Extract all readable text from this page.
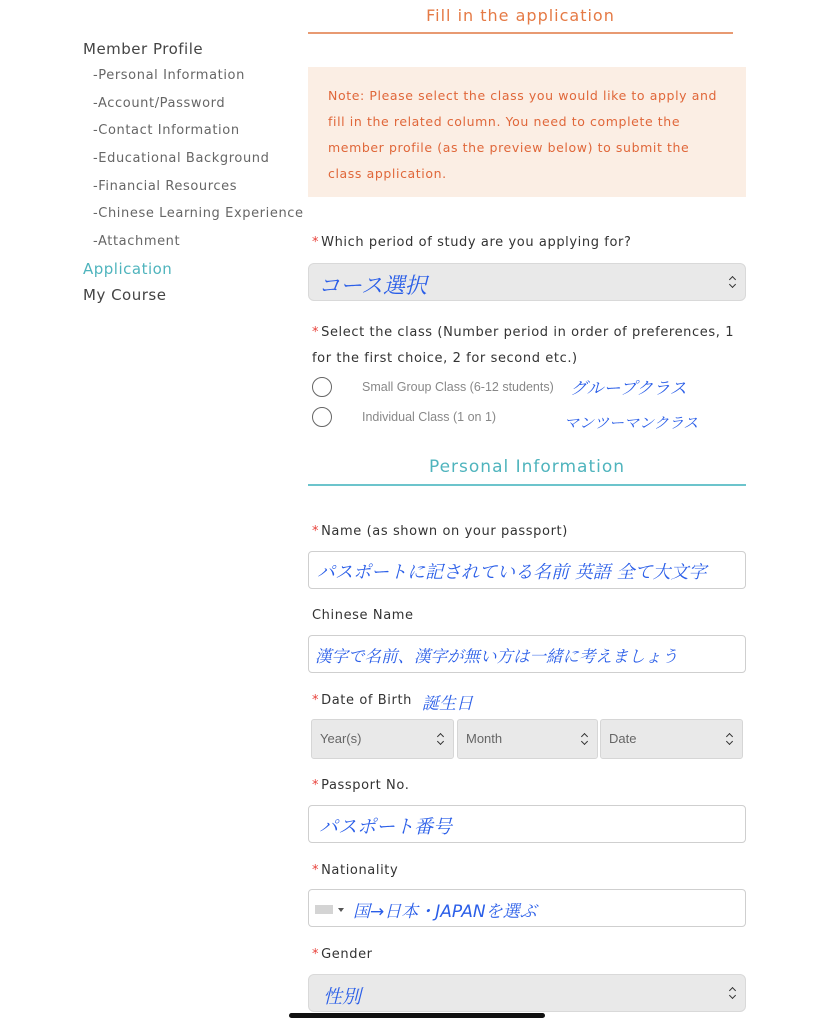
Member Profile
-Personal Information
-Account/Password
-Contact Information
-Educational Background
-Financial Resources
-Chinese Learning Experience
-Attachment
Application
My Course
Fill in the application
Note: Please select the class you would like to apply and fill in the related column. You need to complete the member profile (as the preview below) to submit the class application.
* Which period of study are you applying for?
コース選択
* Select the class (Number period in order of preferences, 1
for the first choice, 2 for second etc.)
Small Group Class (6-12 students) グループクラス
Individual Class (1 on 1)	マンツーマンクラス
Personal Information
* Name (as shown on your passport)
パスポートに記されている名前 英語 全て大文字
Chinese Name
漢字で名前、漢字が無い方は一緒に考えましょう
* Date of Birth 誕生日
Year(s)	Month	Date
* Passport No.
パスポート番号
* Nationality
国→日本・JAPANを選ぶ
* Gender
性別
